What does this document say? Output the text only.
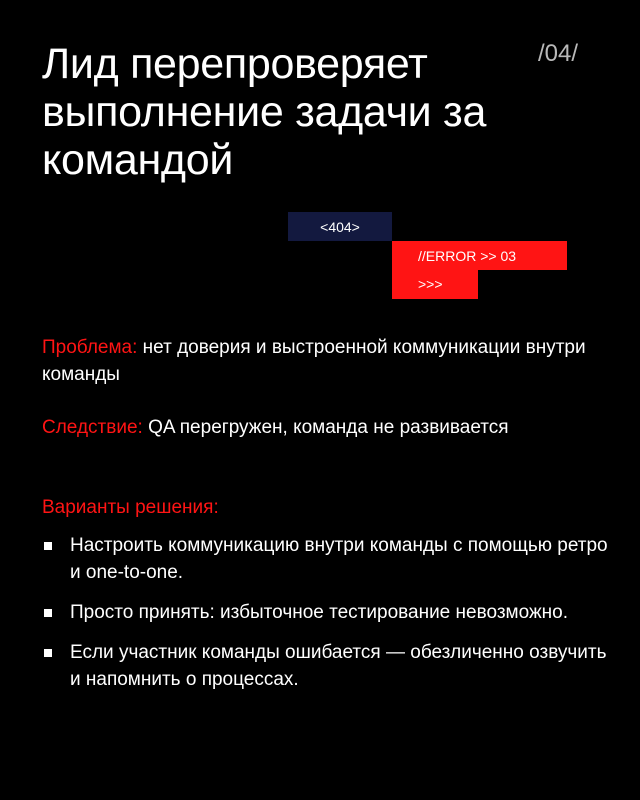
Лид перепроверяет выполнение задачи за командой
/04/
<404>
//ERROR >> 03
>>>

Проблема: нет доверия и выстроенной коммуникации внутри команды

Следствие: QA перегружен, команда не развивается

Варианты решения:

Настроить коммуникацию внутри команды с помощью ретро и one-to-one.
Просто принять: избыточное тестирование невозможно.
Если участник команды ошибается — обезличенно озвучить и напомнить о процессах.
